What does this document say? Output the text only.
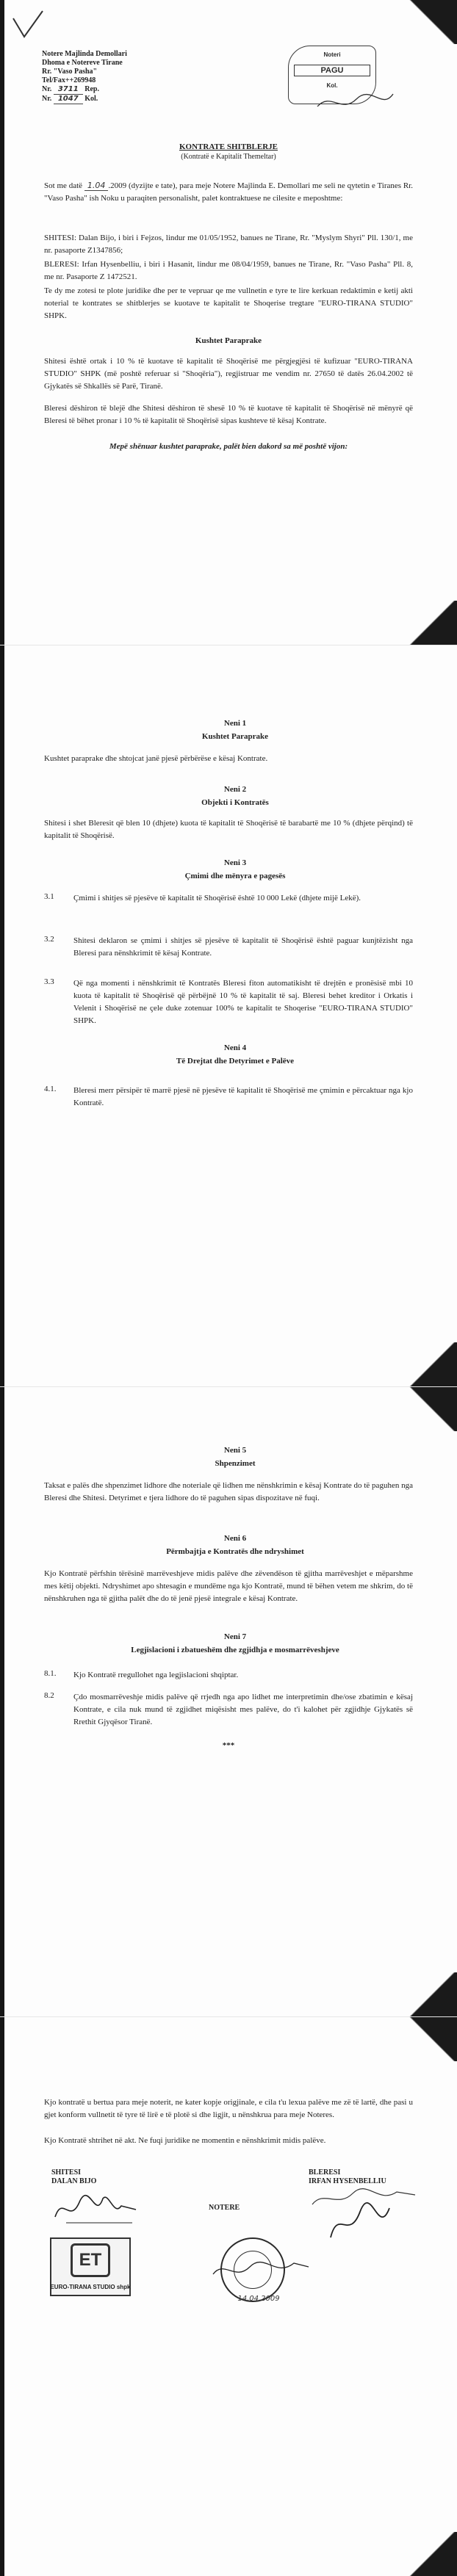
Notere Majlinda Demollari
Dhoma e Notereve Tirane
Rr. "Vaso Pasha"
Tel/Fax++269948
Nr. 3711 Rep.
Nr. 1047 Kol.
Noteri
PAGU
Kol.
KONTRATE SHITBLERJE
(Kontratë e Kapitalit Themeltar)
Sot me datë 1.04 .2009 (dyzijte e tate), para meje Notere Majlinda E. Demollari me seli ne qytetin e Tiranes Rr. "Vaso Pasha" ish Noku u paraqiten personalisht, palet kontraktuese ne cilesite e meposhtme:
SHITESI: Dalan Bijo, i biri i Fejzos, lindur me 01/05/1952, banues ne Tirane, Rr. "Myslym Shyri" Pll. 130/1, me nr. pasaporte Z1347856;
BLERESI: Irfan Hysenbelliu, i biri i Hasanit, lindur me 08/04/1959, banues ne Tirane, Rr. "Vaso Pasha" Pll. 8, me nr. Pasaporte Z 1472521.
Te dy me zotesi te plote juridike dhe per te vepruar qe me vullnetin e tyre te lire kerkuan redaktimin e ketij akti noterial te kontrates se shitblerjes se kuotave te kapitalit te Shoqerise tregtare "EURO-TIRANA STUDIO" SHPK.
Kushtet Paraprake
Shitesi është ortak i 10 % të kuotave të kapitalit të Shoqërisë me përgjegjësi të kufizuar "EURO-TIRANA STUDIO" SHPK (më poshtë referuar si "Shoqëria"), regjistruar me vendim nr. 27650 të datës 26.04.2002 të Gjykatës së Shkallës së Parë, Tiranë.
Bleresi dëshiron të blejë dhe Shitesi dëshiron të shesë 10 % të kuotave të kapitalit të Shoqërisë në mënyrë që Bleresi të bëhet pronar i 10 % të kapitalit të Shoqërisë sipas kushteve të kësaj Kontrate.
Mepë shënuar kushtet paraprake, palët bien dakord sa më poshtë vijon:
Neni 1
Kushtet Paraprake
Kushtet paraprake dhe shtojcat janë pjesë përbërëse e kësaj Kontrate.
Neni 2
Objekti i Kontratës
Shitesi i shet Bleresit që blen 10 (dhjete) kuota të kapitalit të Shoqërisë të barabartë me 10 % (dhjete përqind) të kapitalit të Shoqërisë.
Neni 3
Çmimi dhe mënyra e pagesës
3.1 Çmimi i shitjes së pjesëve të kapitalit të Shoqërisë është 10 000 Lekë (dhjete mijë Lekë).
3.2 Shitesi deklaron se çmimi i shitjes së pjesëve të kapitalit të Shoqërisë është paguar kunjtëzisht nga Bleresi para nënshkrimit të kësaj Kontrate.
3.3 Që nga momenti i nënshkrimit të Kontratës Bleresi fiton automatikisht të drejtën e pronësisë mbi 10 kuota të kapitalit të Shoqërisë që përbëjnë 10 % të kapitalit të saj. Bleresi behet kreditor i Orkatis i Velenit i Shoqërisë ne çele duke zotenuar 100% te kapitalit te Shoqerise "EURO-TIRANA STUDIO" SHPK.
Neni 4
Të Drejtat dhe Detyrimet e Palëve
4.1. Bleresi merr përsipër të marrë pjesë në pjesëve të kapitalit të Shoqërisë me çmimin e përcaktuar nga kjo Kontratë.
Neni 5
Shpenzimet
Taksat e palës dhe shpenzimet lidhore dhe noteriale që lidhen me nënshkrimin e kësaj Kontrate do të paguhen nga Bleresi dhe Shitesi. Detyrimet e tjera lidhore do të paguhen sipas dispozitave në fuqi.
Neni 6
Përmbajtja e Kontratës dhe ndryshimet
Kjo Kontratë përfshin tërësinë marrëveshjeve midis palëve dhe zëvendëson të gjitha marrëveshjet e mëparshme mes këtij objekti. Ndryshimet apo shtesagin e mundëme nga kjo Kontratë, mund të bëhen vetem me shkrim, do të nënshkruhen nga të gjitha palët dhe do të jenë pjesë integrale e kësaj Kontrate.
Neni 7
Legjislacioni i zbatueshëm dhe zgjidhja e mosmarrëveshjeve
8.1. Kjo Kontratë rregullohet nga legjislacioni shqiptar.
8.2 Çdo mosmarrëveshje midis palëve që rrjedh nga apo lidhet me interpretimin dhe/ose zbatimin e kësaj Kontrate, e cila nuk mund të zgjidhet miqësisht mes palëve, do t'i kalohet për zgjidhje Gjykatës së Rrethit Gjyqësor Tiranë.
***
Kjo kontratë u bertua para meje noterit, ne kater kopje origjinale, e cila t'u lexua palëve me zë të lartë, dhe pasi u gjet konform vullnetit të tyre të lirë e të plotë si dhe ligjit, u nënshkrua para meje Noteres.
Kjo Kontratë shtrihet në akt. Ne fuqi juridike ne momentin e nënshkrimit midis palëve.
SHITESI
DALAN BIJO
BLERESI
IRFAN HYSENBELLIU
NOTERE
ET
EURO-TIRANA STUDIO shpk
14.04.2009
